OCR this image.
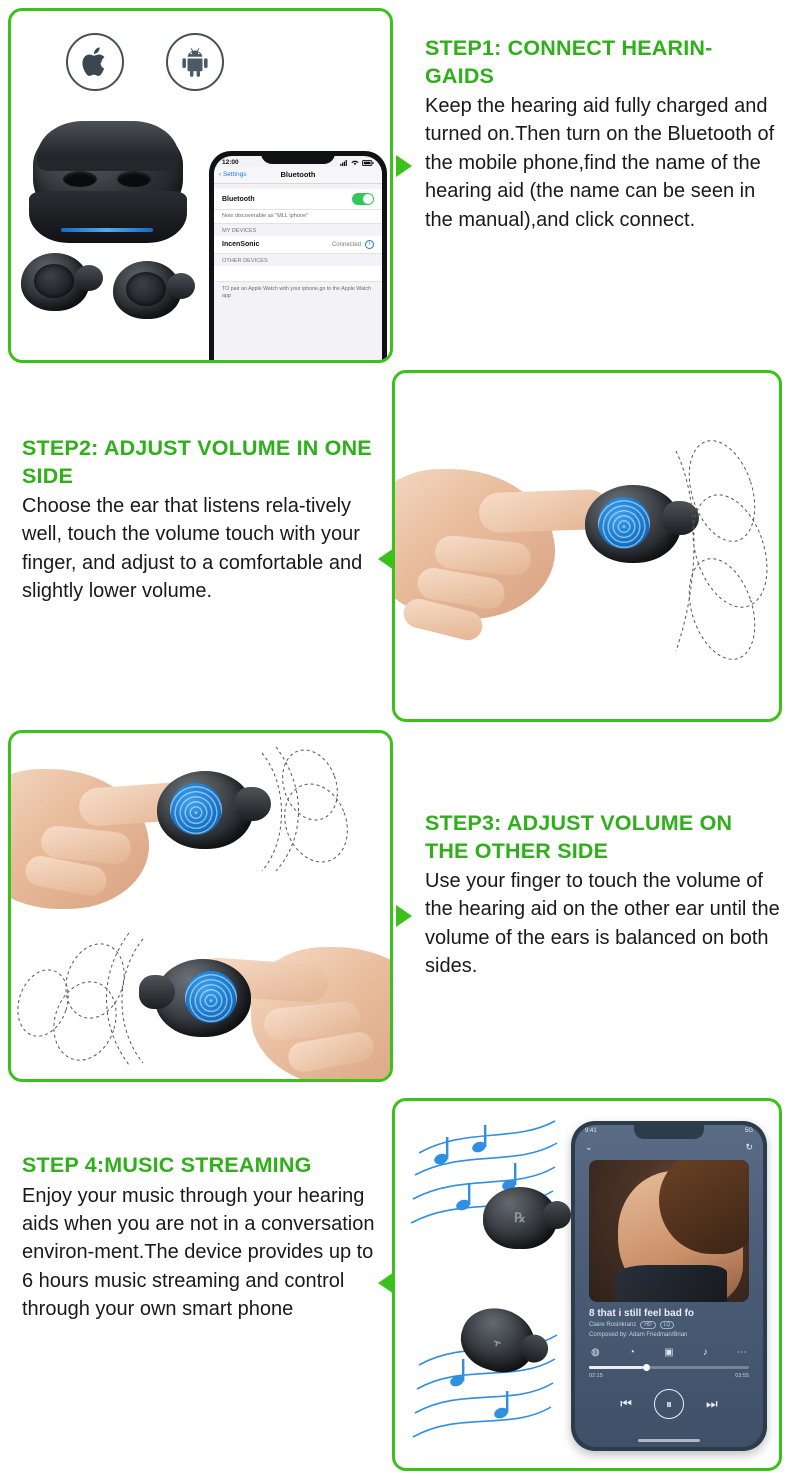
12:00
‹ Settings	Bluetooth
Bluetooth
Now discoverable as "MLL iphone"
MY DEVICES
IncenSonic	Connected	i
OTHER DEVICES
TO pair an Apple Watch with your iphone,go to the Apple Watch app

STEP1: CONNECT HEARIN-GAIDS

Keep the hearing aid fully charged and turned on.Then turn on the Bluetooth of the mobile phone,find the name of the hearing aid (the name can be seen in the manual),and click connect.

STEP2: ADJUST VOLUME IN ONE SIDE

Choose the ear that listens rela-tively well, touch the volume touch with your finger, and adjust to a comfortable and slightly lower volume.

STEP3: ADJUST VOLUME ON THE OTHER SIDE

Use your finger to touch the volume of the hearing aid on the other ear until the volume of the ears is balanced on both sides.

℞
᠇
9:41	5G
⌄	↻
8 that i still feel bad fo
Claire Rosinkranz	HD	LQ
Composed by: Adam Friedman/Brian
◍	◔	▣	♪	⋯
02:15	03:55
⏮	⏸	⏭

STEP 4:MUSIC STREAMING

Enjoy your music through your hearing aids when you are not in a conversation environ-ment.The device provides up to 6 hours music streaming and control through your own smart phone
